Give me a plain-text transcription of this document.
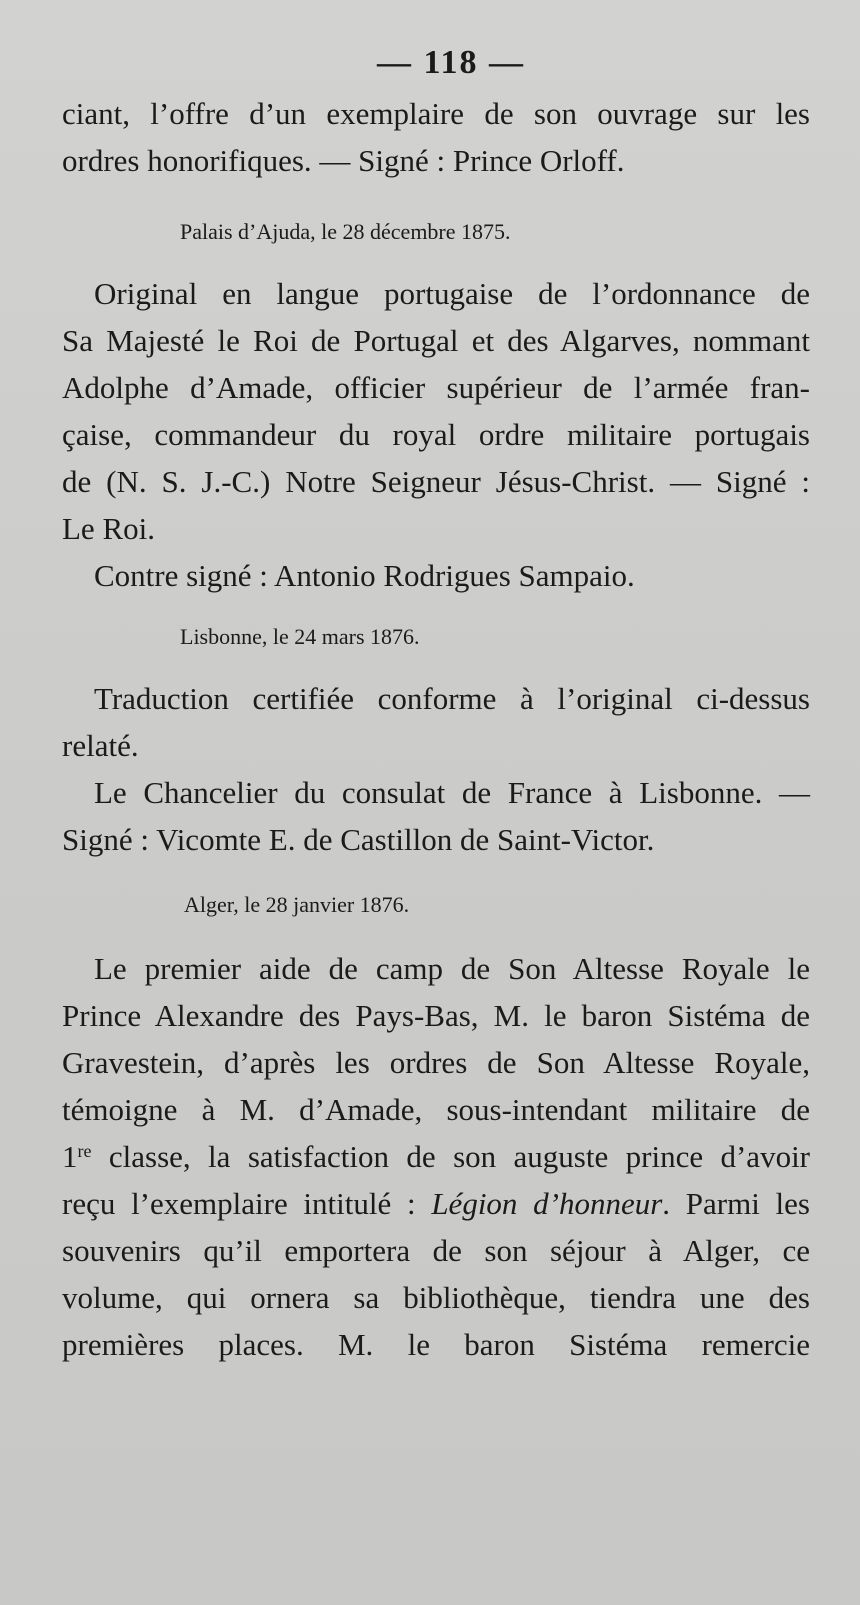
— 118 —
ciant, l’offre d’un exemplaire de son ouvrage sur les
ordres honorifiques. — Signé : Prince Orloff.
Palais d’Ajuda, le 28 décembre 1875.
Original en langue portugaise de l’ordonnance de
Sa Majesté le Roi de Portugal et des Algarves, nommant
Adolphe d’Amade, officier supérieur de l’armée fran-
çaise, commandeur du royal ordre militaire portugais
de (N. S. J.-C.) Notre Seigneur Jésus-Christ. — Signé :
Le Roi.
Contre signé : Antonio Rodrigues Sampaio.
Lisbonne, le 24 mars 1876.
Traduction certifiée conforme à l’original ci-dessus
relaté.
Le Chancelier du consulat de France à Lisbonne. —
Signé : Vicomte E. de Castillon de Saint-Victor.
Alger, le 28 janvier 1876.
Le premier aide de camp de Son Altesse Royale le
Prince Alexandre des Pays-Bas, M. le baron Sistéma de
Gravestein, d’après les ordres de Son Altesse Royale,
témoigne à M. d’Amade, sous-intendant militaire de
1re classe, la satisfaction de son auguste prince d’avoir
reçu l’exemplaire intitulé : Légion d’honneur. Parmi les
souvenirs qu’il emportera de son séjour à Alger, ce
volume, qui ornera sa bibliothèque, tiendra une des
premières places. M. le baron Sistéma remercie
